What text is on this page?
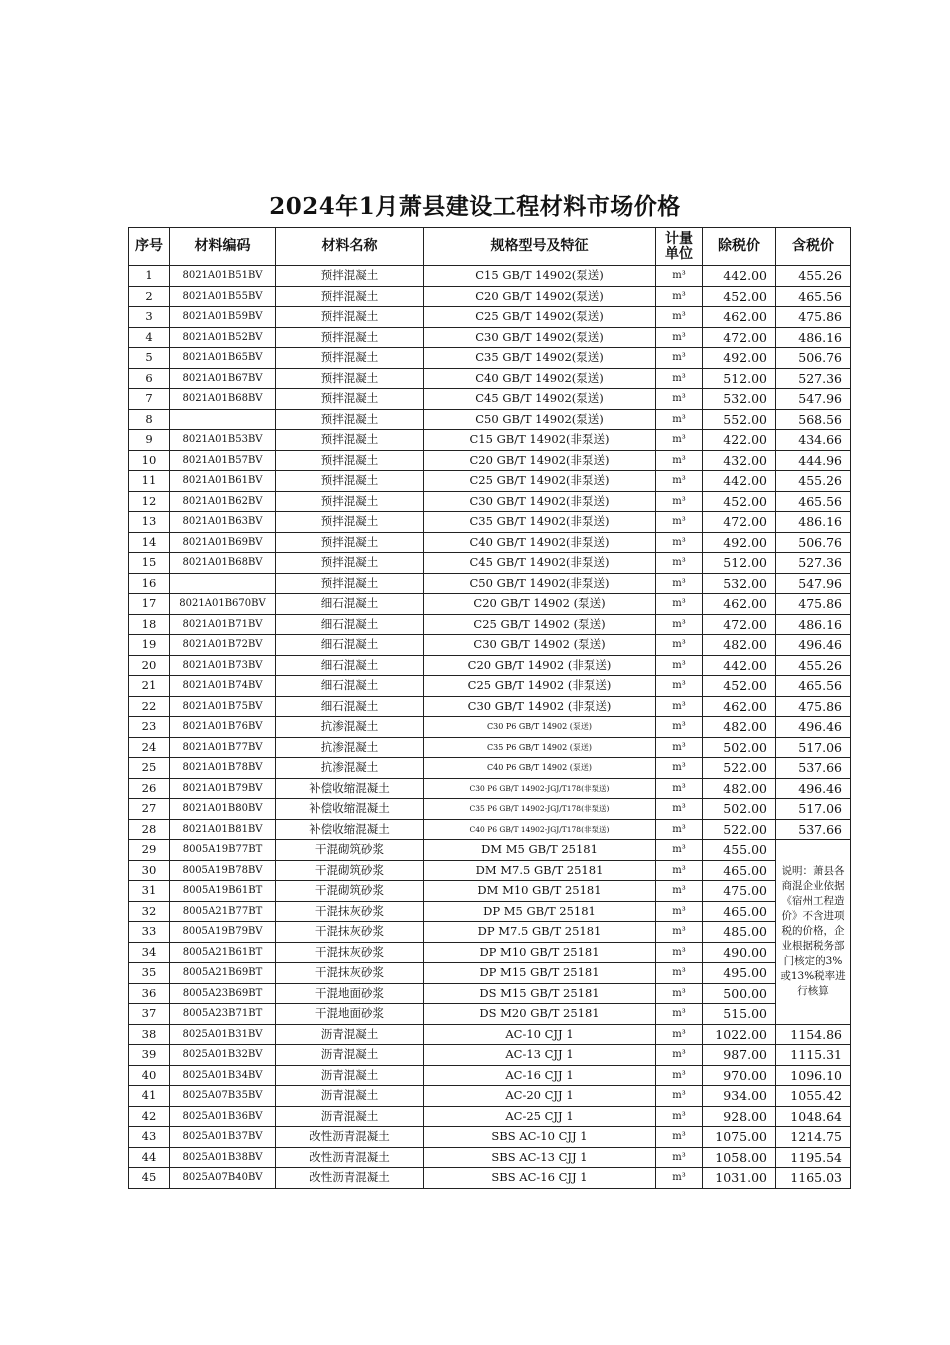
2024年1月萧县建设工程材料市场价格
序号	材料编码	材料名称	规格型号及特征	计量单位	除税价	含税价
1	8021A01B51BV	预拌混凝土	C15 GB/T 14902(泵送)	m³	442.00	455.26
2	8021A01B55BV	预拌混凝土	C20 GB/T 14902(泵送)	m³	452.00	465.56
3	8021A01B59BV	预拌混凝土	C25 GB/T 14902(泵送)	m³	462.00	475.86
4	8021A01B52BV	预拌混凝土	C30 GB/T 14902(泵送)	m³	472.00	486.16
5	8021A01B65BV	预拌混凝土	C35 GB/T 14902(泵送)	m³	492.00	506.76
6	8021A01B67BV	预拌混凝土	C40 GB/T 14902(泵送)	m³	512.00	527.36
7	8021A01B68BV	预拌混凝土	C45 GB/T 14902(泵送)	m³	532.00	547.96
8		预拌混凝土	C50 GB/T 14902(泵送)	m³	552.00	568.56
9	8021A01B53BV	预拌混凝土	C15 GB/T 14902(非泵送)	m³	422.00	434.66
10	8021A01B57BV	预拌混凝土	C20 GB/T 14902(非泵送)	m³	432.00	444.96
11	8021A01B61BV	预拌混凝土	C25 GB/T 14902(非泵送)	m³	442.00	455.26
12	8021A01B62BV	预拌混凝土	C30 GB/T 14902(非泵送)	m³	452.00	465.56
13	8021A01B63BV	预拌混凝土	C35 GB/T 14902(非泵送)	m³	472.00	486.16
14	8021A01B69BV	预拌混凝土	C40 GB/T 14902(非泵送)	m³	492.00	506.76
15	8021A01B68BV	预拌混凝土	C45 GB/T 14902(非泵送)	m³	512.00	527.36
16		预拌混凝土	C50 GB/T 14902(非泵送)	m³	532.00	547.96
17	8021A01B670BV	细石混凝土	C20 GB/T 14902 (泵送)	m³	462.00	475.86
18	8021A01B71BV	细石混凝土	C25 GB/T 14902 (泵送)	m³	472.00	486.16
19	8021A01B72BV	细石混凝土	C30 GB/T 14902 (泵送)	m³	482.00	496.46
20	8021A01B73BV	细石混凝土	C20 GB/T 14902 (非泵送)	m³	442.00	455.26
21	8021A01B74BV	细石混凝土	C25 GB/T 14902 (非泵送)	m³	452.00	465.56
22	8021A01B75BV	细石混凝土	C30 GB/T 14902 (非泵送)	m³	462.00	475.86
23	8021A01B76BV	抗渗混凝土	C30 P6 GB/T 14902 (泵送)	m³	482.00	496.46
24	8021A01B77BV	抗渗混凝土	C35 P6 GB/T 14902 (泵送)	m³	502.00	517.06
25	8021A01B78BV	抗渗混凝土	C40 P6 GB/T 14902 (泵送)	m³	522.00	537.66
26	8021A01B79BV	补偿收缩混凝土	C30 P6 GB/T 14902-JGJ/T178(非泵送)	m³	482.00	496.46
27	8021A01B80BV	补偿收缩混凝土	C35 P6 GB/T 14902-JGJ/T178(非泵送)	m³	502.00	517.06
28	8021A01B81BV	补偿收缩混凝土	C40 P6 GB/T 14902-JGJ/T178(非泵送)	m³	522.00	537.66
29	8005A19B77BT	干混砌筑砂浆	DM M5 GB/T 25181	m³	455.00	说明：萧县各商混企业依据《宿州工程造价》不含进项税的价格，企业根据税务部门核定的3%或13%税率进行核算
30	8005A19B78BV	干混砌筑砂浆	DM M7.5 GB/T 25181	m³	465.00	
31	8005A19B61BT	干混砌筑砂浆	DM M10 GB/T 25181	m³	475.00	
32	8005A21B77BT	干混抹灰砂浆	DP M5 GB/T 25181	m³	465.00	
33	8005A19B79BV	干混抹灰砂浆	DP M7.5 GB/T 25181	m³	485.00	
34	8005A21B61BT	干混抹灰砂浆	DP M10 GB/T 25181	m³	490.00	
35	8005A21B69BT	干混抹灰砂浆	DP M15 GB/T 25181	m³	495.00	
36	8005A23B69BT	干混地面砂浆	DS M15 GB/T 25181	m³	500.00	
37	8005A23B71BT	干混地面砂浆	DS M20 GB/T 25181	m³	515.00	
38	8025A01B31BV	沥青混凝土	AC-10 CJJ 1	m³	1022.00	1154.86
39	8025A01B32BV	沥青混凝土	AC-13 CJJ 1	m³	987.00	1115.31
40	8025A01B34BV	沥青混凝土	AC-16 CJJ 1	m³	970.00	1096.10
41	8025A07B35BV	沥青混凝土	AC-20 CJJ 1	m³	934.00	1055.42
42	8025A01B36BV	沥青混凝土	AC-25 CJJ 1	m³	928.00	1048.64
43	8025A01B37BV	改性沥青混凝土	SBS AC-10 CJJ 1	m³	1075.00	1214.75
44	8025A01B38BV	改性沥青混凝土	SBS AC-13 CJJ 1	m³	1058.00	1195.54
45	8025A07B40BV	改性沥青混凝土	SBS AC-16 CJJ 1	m³	1031.00	1165.03
